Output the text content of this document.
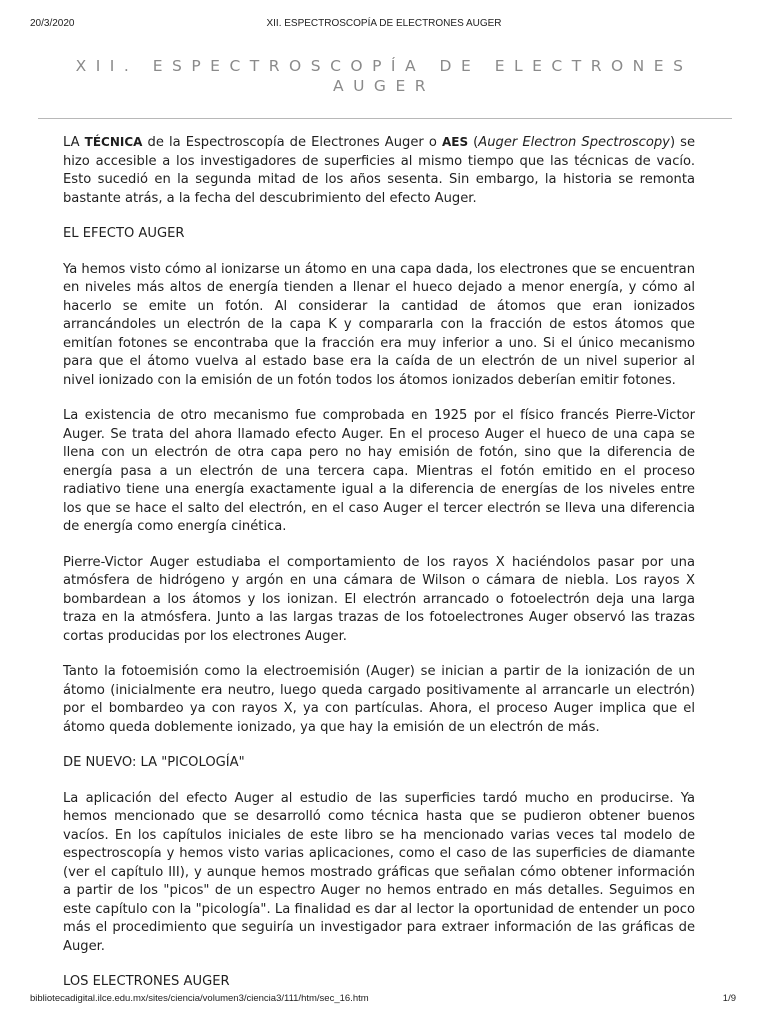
20/3/2020	XII. ESPECTROSCOPÍA DE ELECTRONES AUGER
XII. ESPECTROSCOPÍA DE ELECTRONES AUGER

LA TÉCNICA de la Espectroscopía de Electrones Auger o AES (Auger Electron Spectroscopy) se hizo accesible a los investigadores de superficies al mismo tiempo que las técnicas de vacío. Esto sucedió en la segunda mitad de los años sesenta. Sin embargo, la historia se remonta bastante atrás, a la fecha del descubrimiento del efecto Auger.

EL EFECTO AUGER

Ya hemos visto cómo al ionizarse un átomo en una capa dada, los electrones que se encuentran en niveles más altos de energía tienden a llenar el hueco dejado a menor energía, y cómo al hacerlo se emite un fotón. Al considerar la cantidad de átomos que eran ionizados arrancándoles un electrón de la capa K y compararla con la fracción de estos átomos que emitían fotones se encontraba que la fracción era muy inferior a uno. Si el único mecanismo para que el átomo vuelva al estado base era la caída de un electrón de un nivel superior al nivel ionizado con la emisión de un fotón todos los átomos ionizados deberían emitir fotones.

La existencia de otro mecanismo fue comprobada en 1925 por el físico francés Pierre-Victor Auger. Se trata del ahora llamado efecto Auger. En el proceso Auger el hueco de una capa se llena con un electrón de otra capa pero no hay emisión de fotón, sino que la diferencia de energía pasa a un electrón de una tercera capa. Mientras el fotón emitido en el proceso radiativo tiene una energía exactamente igual a la diferencia de energías de los niveles entre los que se hace el salto del electrón, en el caso Auger el tercer electrón se lleva una diferencia de energía como energía cinética.

Pierre-Victor Auger estudiaba el comportamiento de los rayos X haciéndolos pasar por una atmósfera de hidrógeno y argón en una cámara de Wilson o cámara de niebla. Los rayos X bombardean a los átomos y los ionizan. El electrón arrancado o fotoelectrón deja una larga traza en la atmósfera. Junto a las largas trazas de los fotoelectrones Auger observó las trazas cortas producidas por los electrones Auger.

Tanto la fotoemisión como la electroemisión (Auger) se inician a partir de la ionización de un átomo (inicialmente era neutro, luego queda cargado positivamente al arrancarle un electrón) por el bombardeo ya con rayos X, ya con partículas. Ahora, el proceso Auger implica que el átomo queda doblemente ionizado, ya que hay la emisión de un electrón de más.

DE NUEVO: LA "PICOLOGÍA"

La aplicación del efecto Auger al estudio de las superficies tardó mucho en producirse. Ya hemos mencionado que se desarrolló como técnica hasta que se pudieron obtener buenos vacíos. En los capítulos iniciales de este libro se ha mencionado varias veces tal modelo de espectroscopía y hemos visto varias aplicaciones, como el caso de las superficies de diamante (ver el capítulo III), y aunque hemos mostrado gráficas que señalan cómo obtener información a partir de los "picos" de un espectro Auger no hemos entrado en más detalles. Seguimos en este capítulo con la "picología". La finalidad es dar al lector la oportunidad de entender un poco más el procedimiento que seguiría un investigador para extraer información de las gráficas de Auger.

LOS ELECTRONES AUGER

bibliotecadigital.ilce.edu.mx/sites/ciencia/volumen3/ciencia3/111/htm/sec_16.htm	1/9
